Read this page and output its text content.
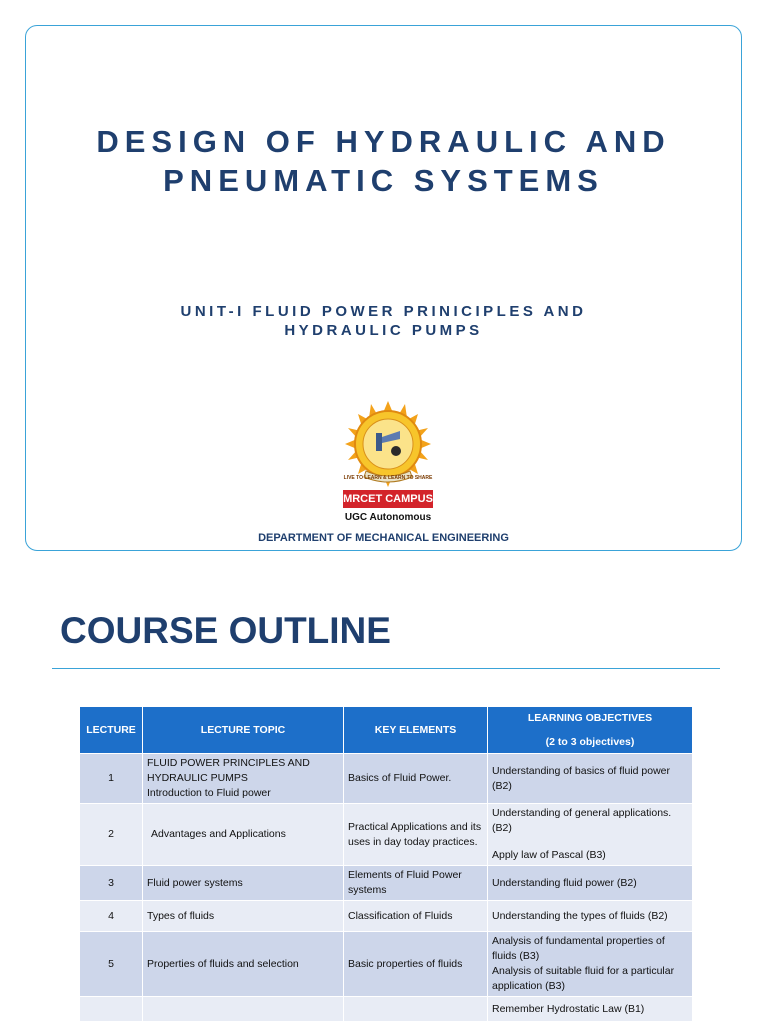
DESIGN OF HYDRAULIC AND
PNEUMATIC SYSTEMS
UNIT-I FLUID POWER PRINICIPLES AND
HYDRAULIC PUMPS
LIVE TO LEARN & LEARN TO SHARE
MRCET CAMPUS
UGC Autonomous
DEPARTMENT OF MECHANICAL ENGINEERING
COURSE OUTLINE
LECTURE	LECTURE TOPIC	KEY ELEMENTS	LEARNING OBJECTIVES
(2 to 3 objectives)

1	FLUID POWER PRINCIPLES AND
HYDRAULIC PUMPS
Introduction to Fluid power	Basics of Fluid Power.	Understanding of basics of fluid power (B2)
2	Advantages and Applications	Practical Applications and its uses in day today practices.	Understanding of general applications. (B2)
Apply law of Pascal (B3)

3	Fluid power systems	Elements of Fluid Power systems	Understanding fluid power (B2)
4	Types of fluids	Classification of Fluids	Understanding the types of fluids (B2)
5	Properties of fluids and selection	Basic properties of fluids	Analysis of fundamental properties of fluids (B3)
Analysis of suitable fluid for a particular application (B3)
			Remember Hydrostatic Law (B1)
